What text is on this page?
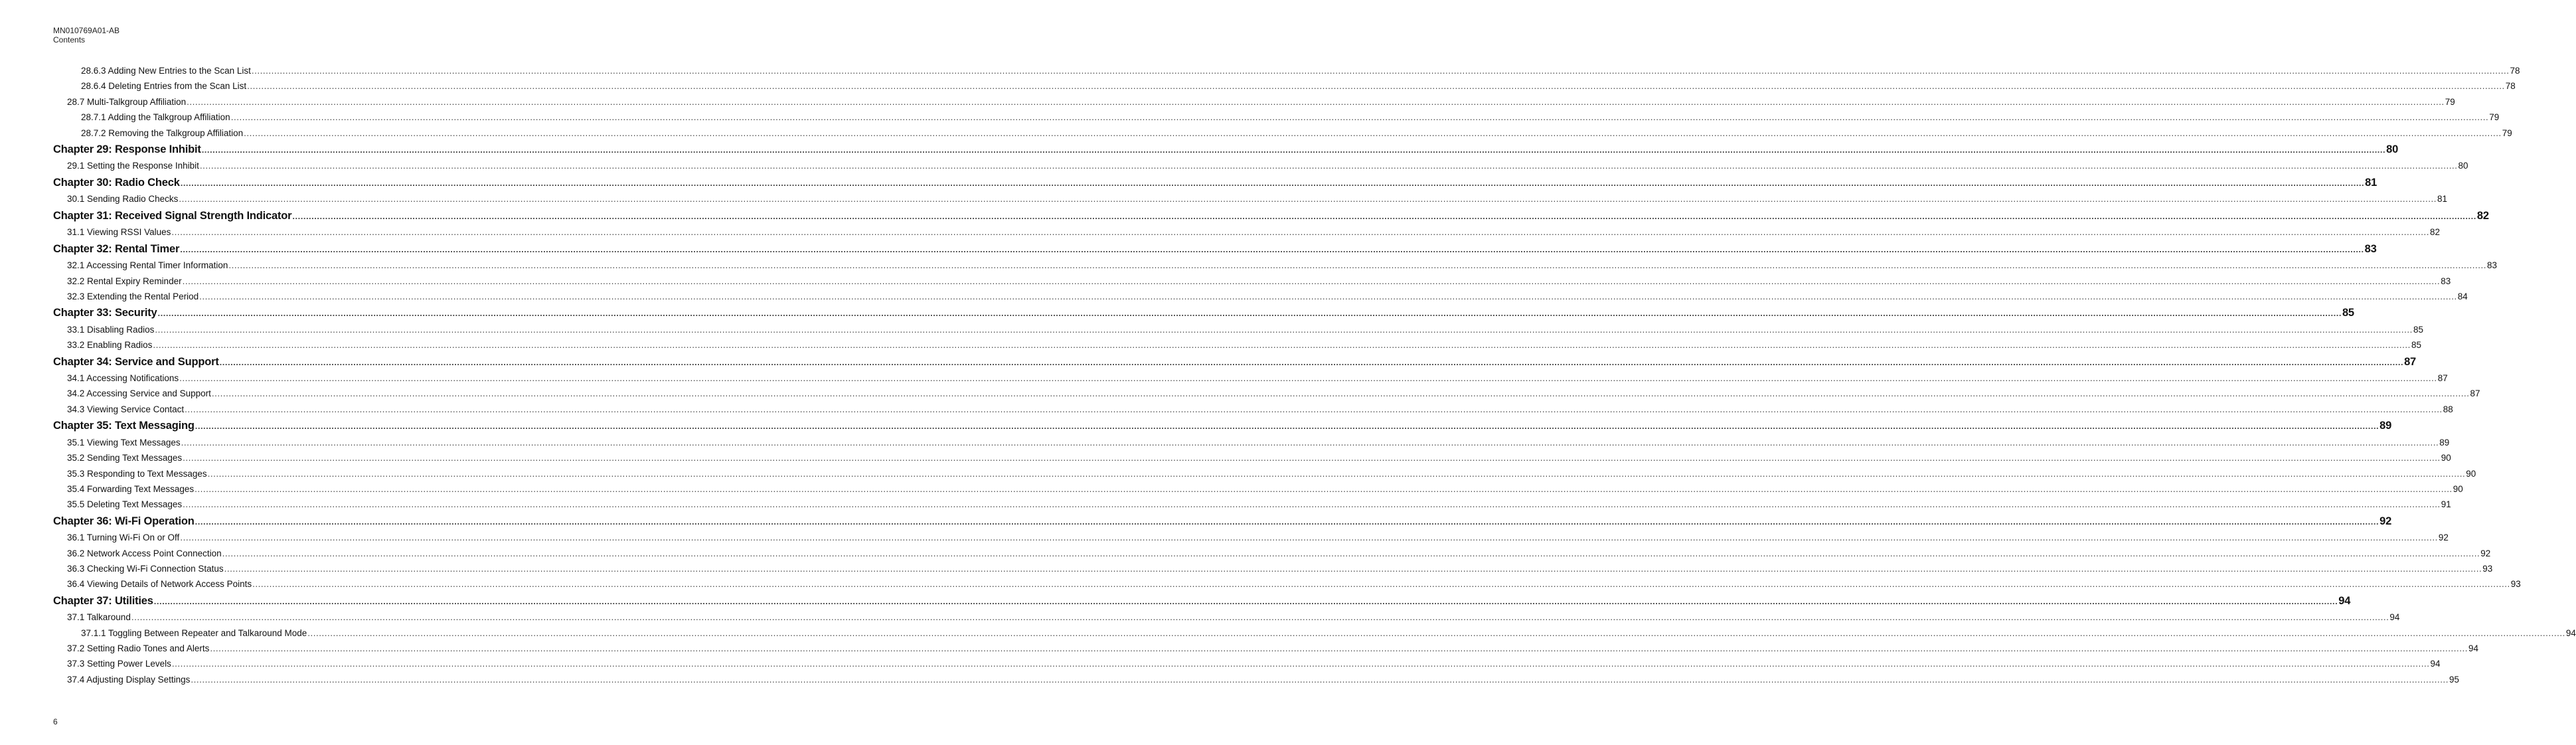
MN010769A01-AB
Contents
28.6.3 Adding New Entries to the Scan List ................................................................................................................................................................................................................................................................................................................................................................................................................................................................................................................................................................................................................................................................................................................................................................................................................................ 78
28.6.4 Deleting Entries from the Scan List ................................................................................................................................................................................................................................................................................................................................................................................................................................................................................................................................................................................................................................................................................................................................................................................................................................ 78
28.7 Multi-Talkgroup Affiliation ................................................................................................................................................................................................................................................................................................................................................................................................................................................................................................................................................................................................................................................................................................................................................................................................................................ 79
28.7.1 Adding the Talkgroup Affiliation ................................................................................................................................................................................................................................................................................................................................................................................................................................................................................................................................................................................................................................................................................................................................................................................................................................ 79
28.7.2 Removing the Talkgroup Affiliation ................................................................................................................................................................................................................................................................................................................................................................................................................................................................................................................................................................................................................................................................................................................................................................................................................................ 79
Chapter 29: Response Inhibit ................................................................................................................................................................................................................................................................................................................................................................................................................................................................................................................................................................................................................................................................................................................................................................................................................................ 80
29.1 Setting the Response Inhibit ................................................................................................................................................................................................................................................................................................................................................................................................................................................................................................................................................................................................................................................................................................................................................................................................................................ 80
Chapter 30: Radio Check ................................................................................................................................................................................................................................................................................................................................................................................................................................................................................................................................................................................................................................................................................................................................................................................................................................ 81
30.1 Sending Radio Checks ................................................................................................................................................................................................................................................................................................................................................................................................................................................................................................................................................................................................................................................................................................................................................................................................................................ 81
Chapter 31: Received Signal Strength Indicator ................................................................................................................................................................................................................................................................................................................................................................................................................................................................................................................................................................................................................................................................................................................................................................................................................................ 82
31.1 Viewing RSSI Values ................................................................................................................................................................................................................................................................................................................................................................................................................................................................................................................................................................................................................................................................................................................................................................................................................................ 82
Chapter 32: Rental Timer ................................................................................................................................................................................................................................................................................................................................................................................................................................................................................................................................................................................................................................................................................................................................................................................................................................ 83
32.1 Accessing Rental Timer Information ................................................................................................................................................................................................................................................................................................................................................................................................................................................................................................................................................................................................................................................................................................................................................................................................................................ 83
32.2 Rental Expiry Reminder ................................................................................................................................................................................................................................................................................................................................................................................................................................................................................................................................................................................................................................................................................................................................................................................................................................ 83
32.3 Extending the Rental Period ................................................................................................................................................................................................................................................................................................................................................................................................................................................................................................................................................................................................................................................................................................................................................................................................................................ 84
Chapter 33: Security ................................................................................................................................................................................................................................................................................................................................................................................................................................................................................................................................................................................................................................................................................................................................................................................................................................ 85
33.1 Disabling Radios ................................................................................................................................................................................................................................................................................................................................................................................................................................................................................................................................................................................................................................................................................................................................................................................................................................ 85
33.2 Enabling Radios ................................................................................................................................................................................................................................................................................................................................................................................................................................................................................................................................................................................................................................................................................................................................................................................................................................ 85
Chapter 34: Service and Support ................................................................................................................................................................................................................................................................................................................................................................................................................................................................................................................................................................................................................................................................................................................................................................................................................................ 87
34.1 Accessing Notifications ................................................................................................................................................................................................................................................................................................................................................................................................................................................................................................................................................................................................................................................................................................................................................................................................................................ 87
34.2 Accessing Service and Support ................................................................................................................................................................................................................................................................................................................................................................................................................................................................................................................................................................................................................................................................................................................................................................................................................................ 87
34.3 Viewing Service Contact ................................................................................................................................................................................................................................................................................................................................................................................................................................................................................................................................................................................................................................................................................................................................................................................................................................ 88
Chapter 35: Text Messaging ................................................................................................................................................................................................................................................................................................................................................................................................................................................................................................................................................................................................................................................................................................................................................................................................................................ 89
35.1 Viewing Text Messages ................................................................................................................................................................................................................................................................................................................................................................................................................................................................................................................................................................................................................................................................................................................................................................................................................................ 89
35.2 Sending Text Messages ................................................................................................................................................................................................................................................................................................................................................................................................................................................................................................................................................................................................................................................................................................................................................................................................................................ 90
35.3 Responding to Text Messages ................................................................................................................................................................................................................................................................................................................................................................................................................................................................................................................................................................................................................................................................................................................................................................................................................................ 90
35.4 Forwarding Text Messages ................................................................................................................................................................................................................................................................................................................................................................................................................................................................................................................................................................................................................................................................................................................................................................................................................................ 90
35.5 Deleting Text Messages ................................................................................................................................................................................................................................................................................................................................................................................................................................................................................................................................................................................................................................................................................................................................................................................................................................ 91
Chapter 36: Wi-Fi Operation ................................................................................................................................................................................................................................................................................................................................................................................................................................................................................................................................................................................................................................................................................................................................................................................................................................ 92
36.1 Turning Wi-Fi On or Off ................................................................................................................................................................................................................................................................................................................................................................................................................................................................................................................................................................................................................................................................................................................................................................................................................................ 92
36.2 Network Access Point Connection ................................................................................................................................................................................................................................................................................................................................................................................................................................................................................................................................................................................................................................................................................................................................................................................................................................ 92
36.3 Checking Wi-Fi Connection Status ................................................................................................................................................................................................................................................................................................................................................................................................................................................................................................................................................................................................................................................................................................................................................................................................................................ 93
36.4 Viewing Details of Network Access Points ................................................................................................................................................................................................................................................................................................................................................................................................................................................................................................................................................................................................................................................................................................................................................................................................................................ 93
Chapter 37: Utilities ................................................................................................................................................................................................................................................................................................................................................................................................................................................................................................................................................................................................................................................................................................................................................................................................................................ 94
37.1 Talkaround ................................................................................................................................................................................................................................................................................................................................................................................................................................................................................................................................................................................................................................................................................................................................................................................................................................ 94
37.1.1 Toggling Between Repeater and Talkaround Mode ................................................................................................................................................................................................................................................................................................................................................................................................................................................................................................................................................................................................................................................................................................................................................................................................................................ 94
37.2 Setting Radio Tones and Alerts ................................................................................................................................................................................................................................................................................................................................................................................................................................................................................................................................................................................................................................................................................................................................................................................................................................ 94
37.3 Setting Power Levels ................................................................................................................................................................................................................................................................................................................................................................................................................................................................................................................................................................................................................................................................................................................................................................................................................................ 94
37.4 Adjusting Display Settings ................................................................................................................................................................................................................................................................................................................................................................................................................................................................................................................................................................................................................................................................................................................................................................................................................................ 95
6
